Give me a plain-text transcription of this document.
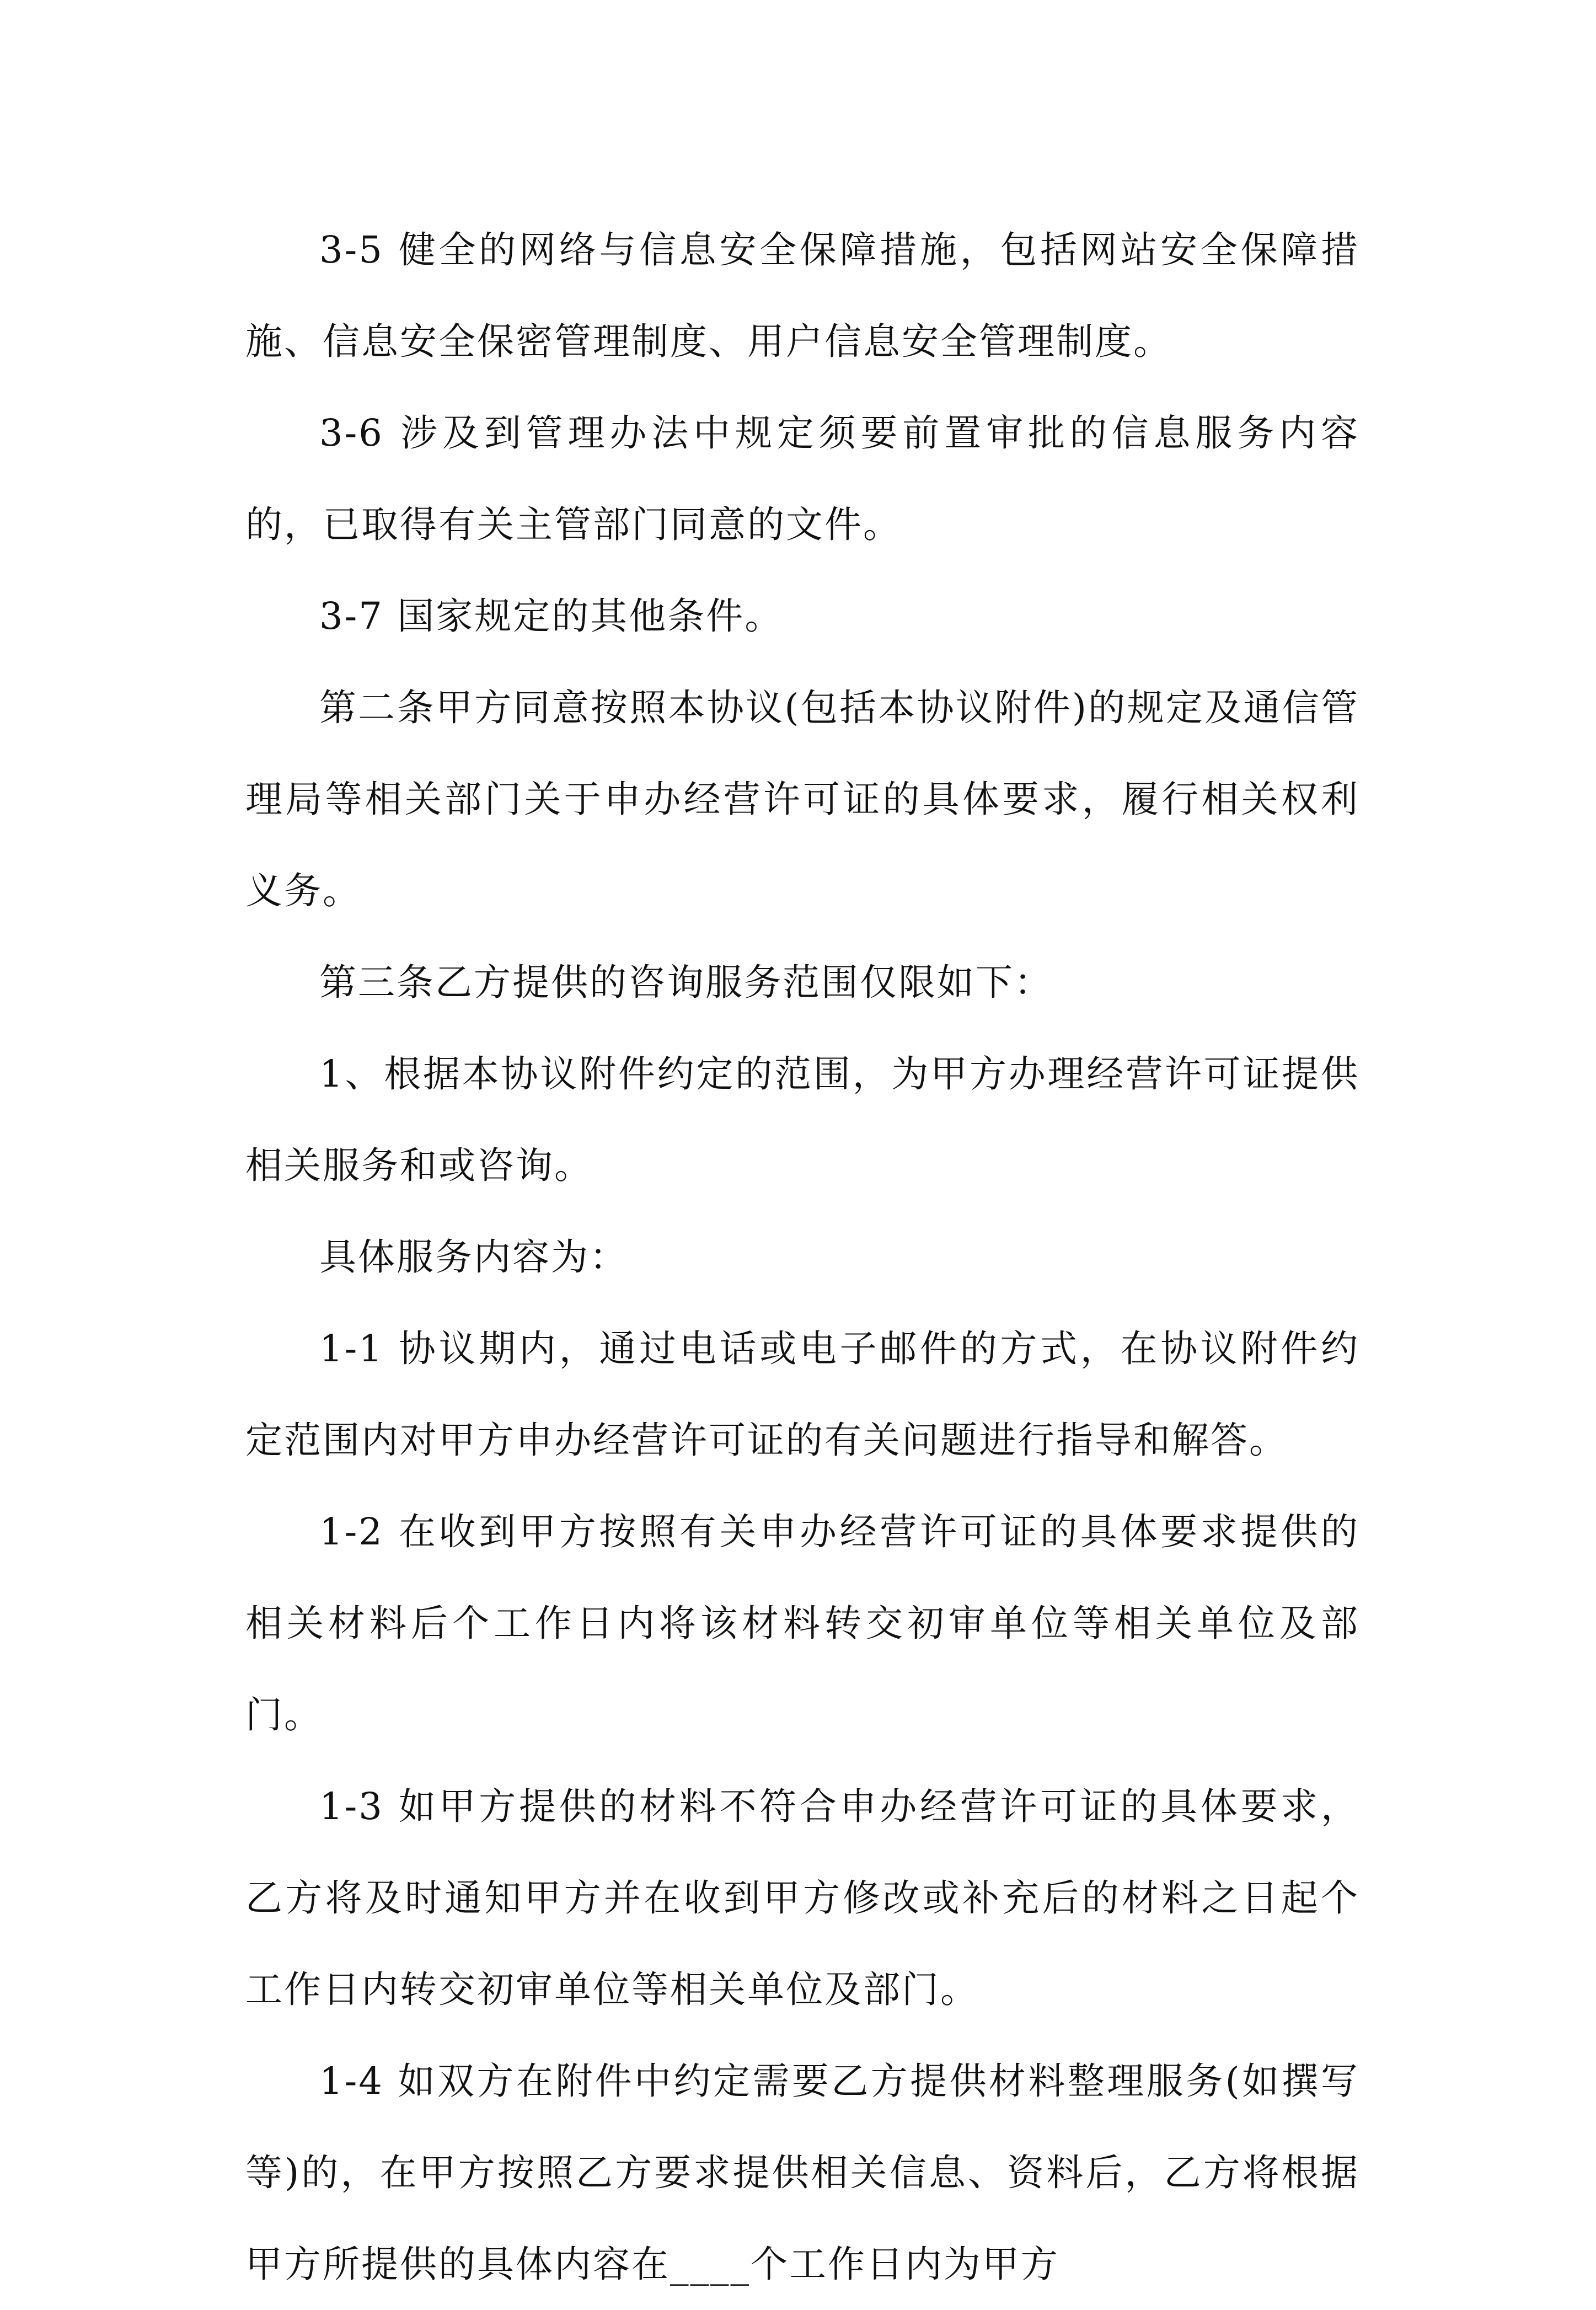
3-5 健全的网络与信息安全保障措施，包括网站安全保障措施、信息安全保密管理制度、用户信息安全管理制度。

3-6 涉及到管理办法中规定须要前置审批的信息服务内容的，已取得有关主管部门同意的文件。

3-7 国家规定的其他条件。

第二条甲方同意按照本协议(包括本协议附件)的规定及通信管理局等相关部门关于申办经营许可证的具体要求，履行相关权利义务。

第三条乙方提供的咨询服务范围仅限如下：

1、根据本协议附件约定的范围，为甲方办理经营许可证提供相关服务和或咨询。

具体服务内容为：

1-1 协议期内，通过电话或电子邮件的方式，在协议附件约定范围内对甲方申办经营许可证的有关问题进行指导和解答。

1-2 在收到甲方按照有关申办经营许可证的具体要求提供的相关材料后个工作日内将该材料转交初审单位等相关单位及部门。

1-3 如甲方提供的材料不符合申办经营许可证的具体要求，乙方将及时通知甲方并在收到甲方修改或补充后的材料之日起个工作日内转交初审单位等相关单位及部门。

1-4 如双方在附件中约定需要乙方提供材料整理服务(如撰写等)的，在甲方按照乙方要求提供相关信息、资料后，乙方将根据甲方所提供的具体内容在____个工作日内为甲方
